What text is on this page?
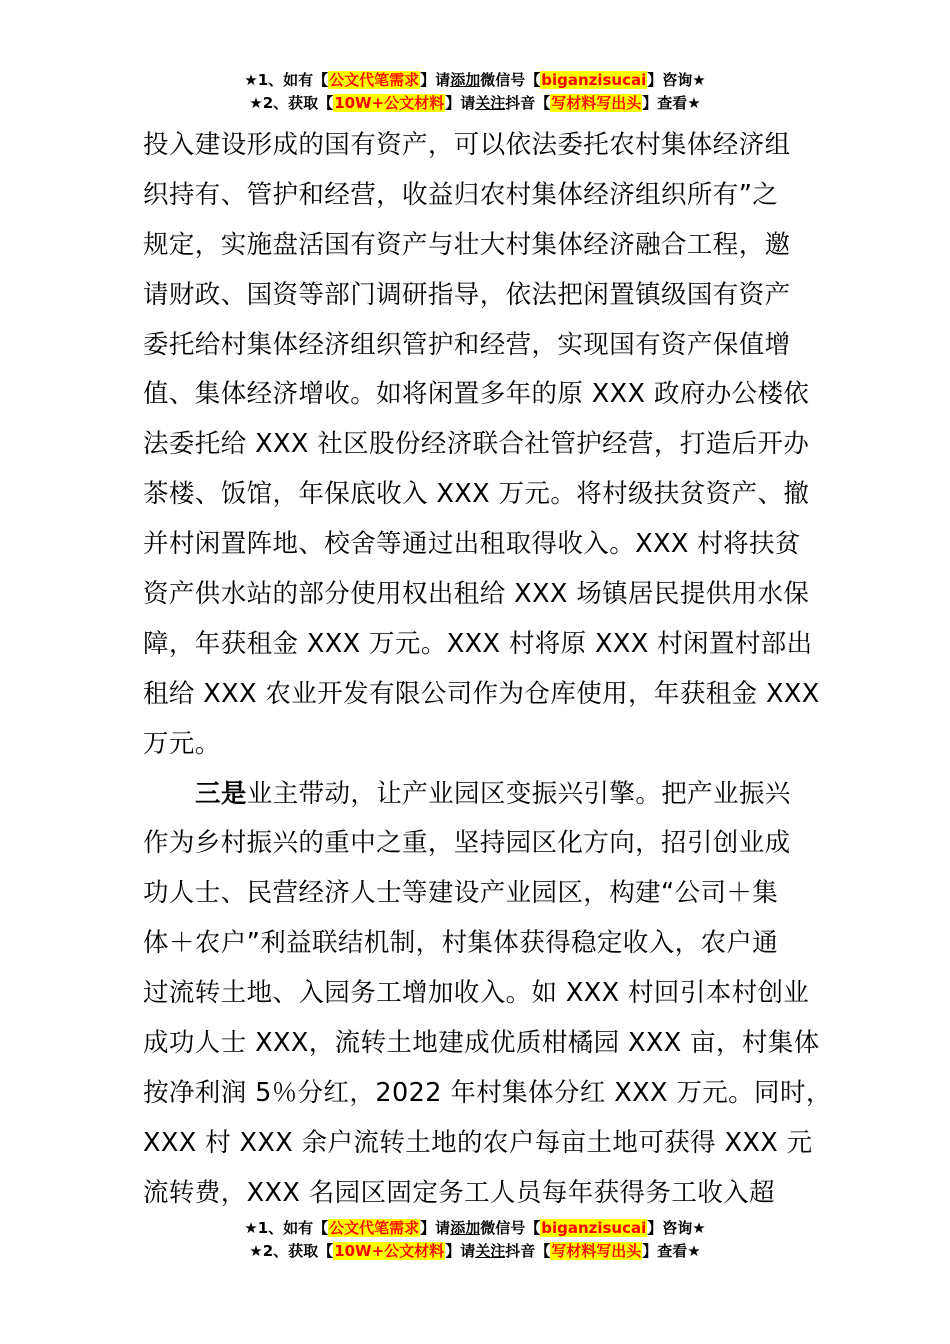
★1、如有【公文代笔需求】请添加微信号【biganzisucai】咨询★
★2、获取【10W+公文材料】请关注抖音【写材料写出头】查看★
投入建设形成的国有资产，可以依法委托农村集体经济组
织持有、管护和经营，收益归农村集体经济组织所有”之
规定，实施盘活国有资产与壮大村集体经济融合工程，邀
请财政、国资等部门调研指导，依法把闲置镇级国有资产
委托给村集体经济组织管护和经营，实现国有资产保值增
值、集体经济增收。如将闲置多年的原 XXX 政府办公楼依
法委托给 XXX 社区股份经济联合社管护经营，打造后开办
茶楼、饭馆，年保底收入 XXX 万元。将村级扶贫资产、撤
并村闲置阵地、校舍等通过出租取得收入。XXX 村将扶贫
资产供水站的部分使用权出租给 XXX 场镇居民提供用水保
障，年获租金 XXX 万元。XXX 村将原 XXX 村闲置村部出
租给 XXX 农业开发有限公司作为仓库使用，年获租金 XXX
万元。
三是业主带动，让产业园区变振兴引擎。把产业振兴
作为乡村振兴的重中之重，坚持园区化方向，招引创业成
功人士、民营经济人士等建设产业园区，构建“公司＋集
体＋农户”利益联结机制，村集体获得稳定收入，农户通
过流转土地、入园务工增加收入。如 XXX 村回引本村创业
成功人士 XXX，流转土地建成优质柑橘园 XXX 亩，村集体
按净利润 5％分红，2022 年村集体分红 XXX 万元。同时，
XXX 村 XXX 余户流转土地的农户每亩土地可获得 XXX 元
流转费，XXX 名园区固定务工人员每年获得务工收入超
★1、如有【公文代笔需求】请添加微信号【biganzisucai】咨询★
★2、获取【10W+公文材料】请关注抖音【写材料写出头】查看★
